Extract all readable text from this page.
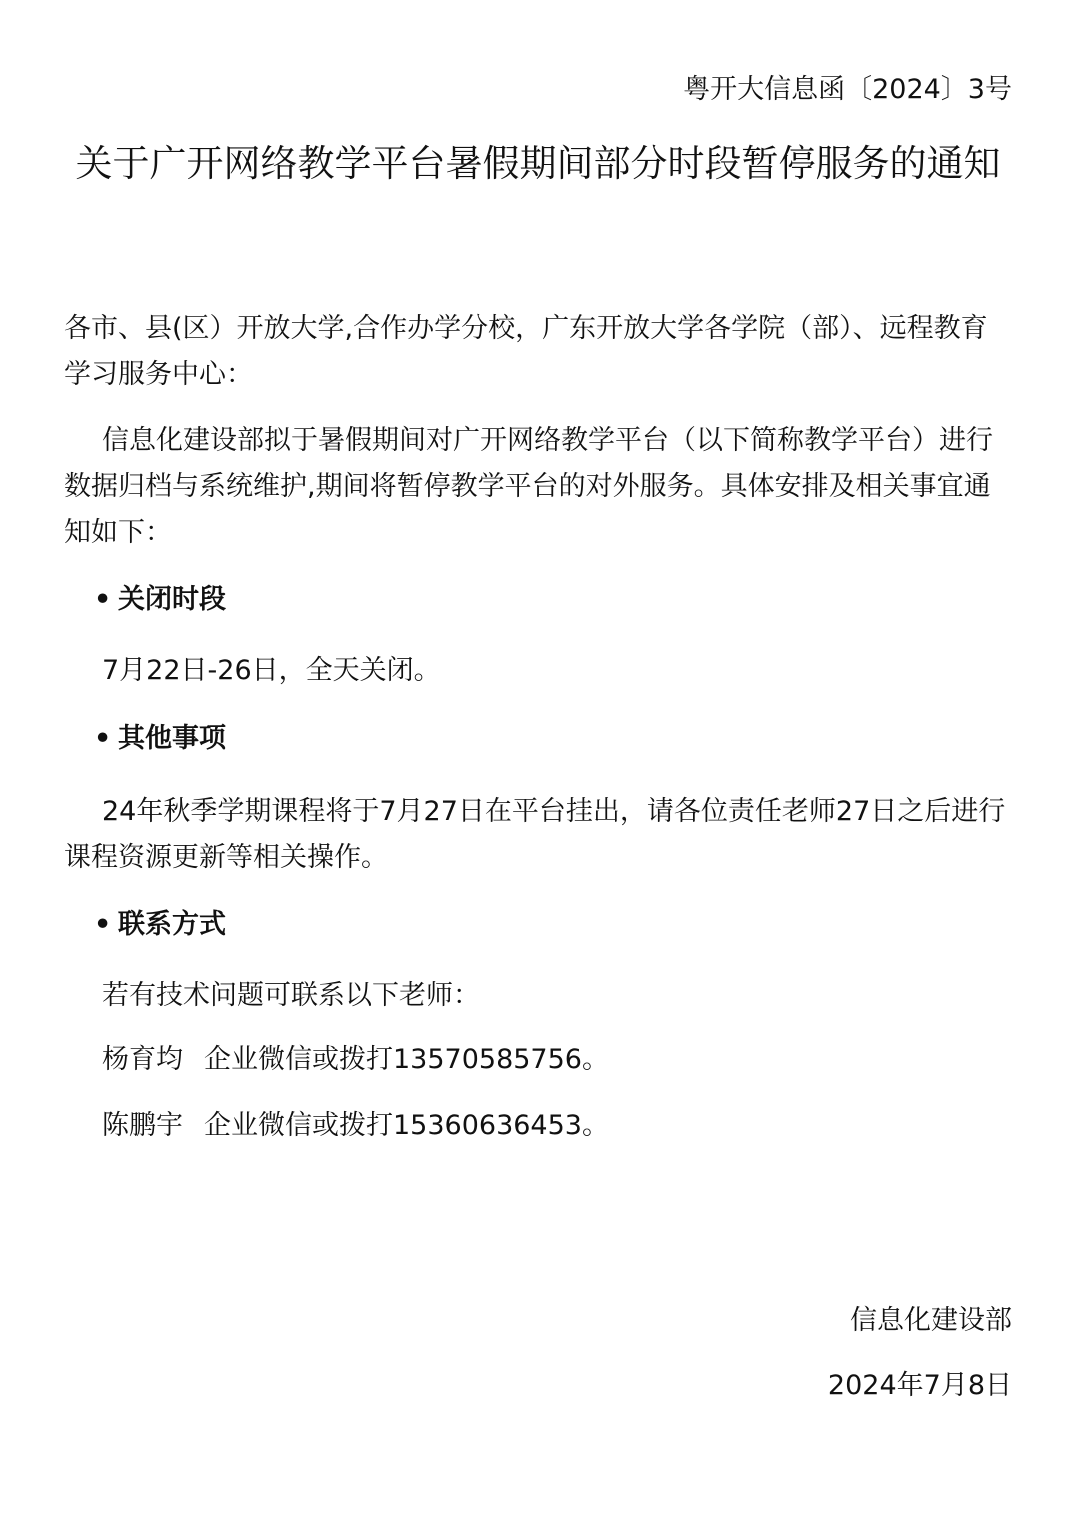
粤开大信息函〔2024〕3号
关于广开网络教学平台暑假期间部分时段暂停服务的通知

各市、县(区）开放大学,合作办学分校，广东开放大学各学院（部）、远程教育学习服务中心：

信息化建设部拟于暑假期间对广开网络教学平台（以下简称教学平台）进行数据归档与系统维护,期间将暂停教学平台的对外服务。具体安排及相关事宜通知如下：

• 关闭时段
7月22日-26日，全天关闭。
• 其他事项
24年秋季学期课程将于7月27日在平台挂出，请各位责任老师27日之后进行课程资源更新等相关操作。
• 联系方式
若有技术问题可联系以下老师：
杨育均 企业微信或拨打13570585756。
陈鹏宇 企业微信或拨打15360636453。
信息化建设部
2024年7月8日
